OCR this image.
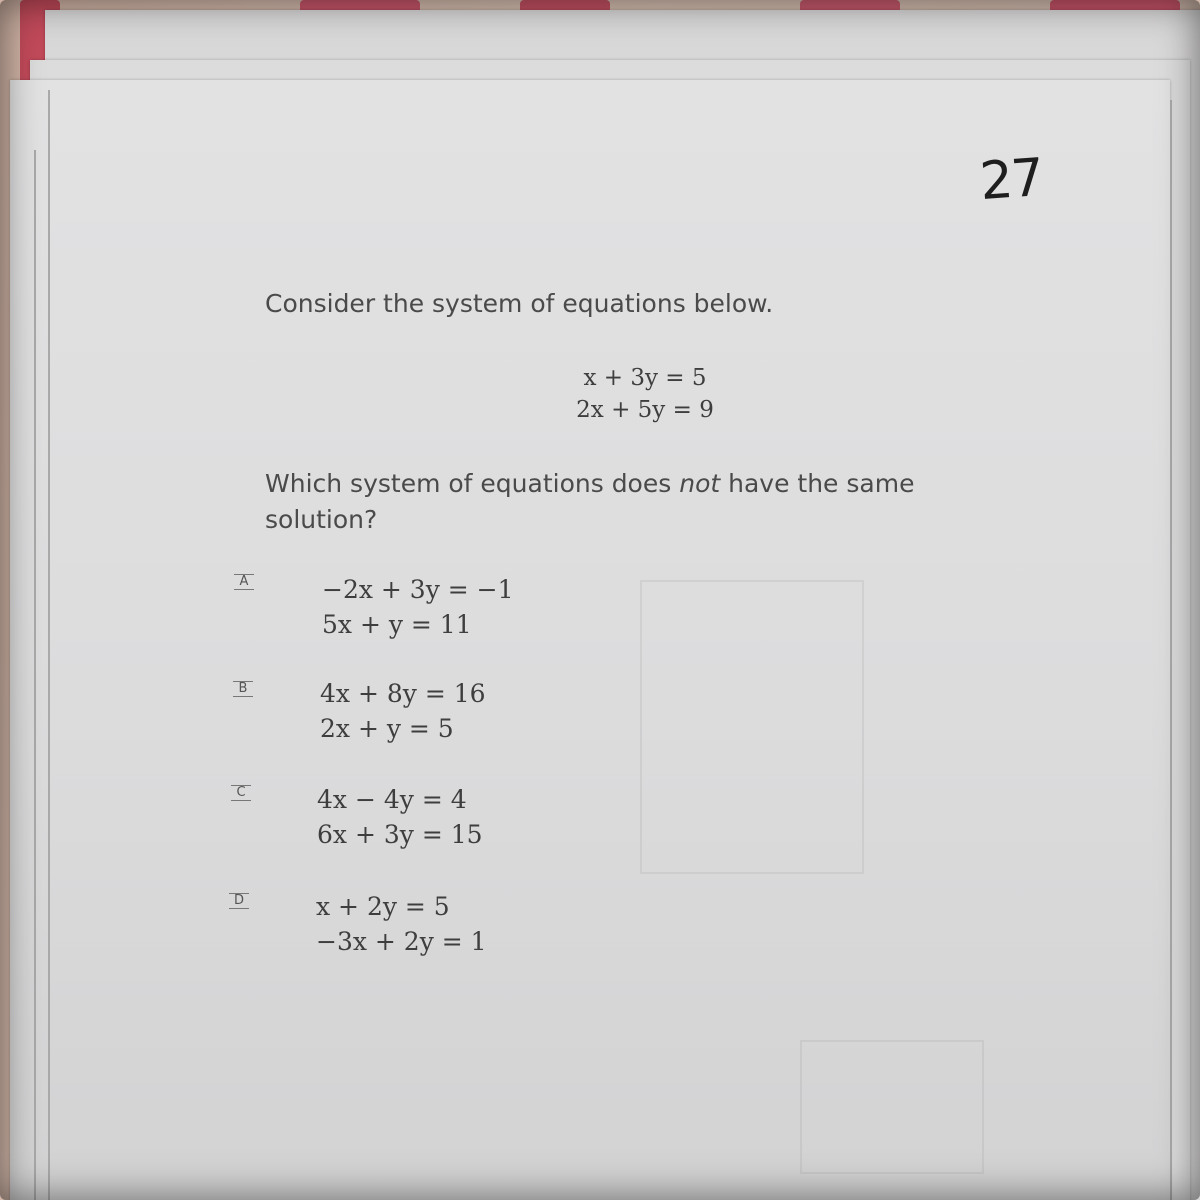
27
Consider the system of equations below.
x + 3y = 5
2x + 5y = 9
Which system of equations does not have the same
solution?
A	−2x + 3y = −1
5x + y = 11
B	4x + 8y = 16
2x + y = 5
C	4x − 4y = 4
6x + 3y = 15
D	x + 2y = 5
−3x + 2y = 1
